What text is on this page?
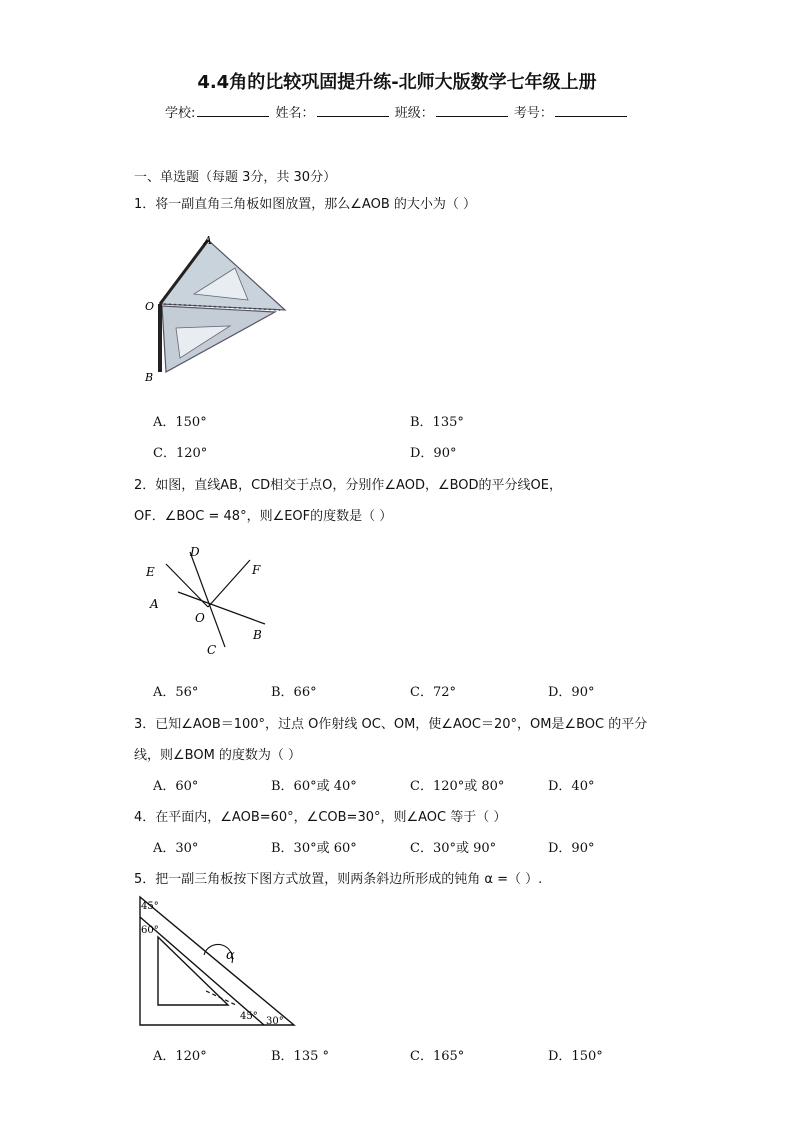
4.4角的比较巩固提升练-北师大版数学七年级上册
学校:	姓名：	班级：	考号：
一、单选题（每题 3分，共 30分）
1．将一副直角三角板如图放置，那么∠AOB 的大小为（ ）
A
O
B
A．150°	B．135°
C．120°	D．90°
2．如图，直线AB，CD相交于点O，分别作∠AOD，∠BOD的平分线OE，
OF．∠BOC = 48°，则∠EOF的度数是（ ）
D
E	F
A
O
B
C
A．56°	B．66°	C．72°	D．90°
3．已知∠AOB＝100°，过点 O作射线 OC、OM，使∠AOC＝20°，OM是∠BOC 的平分
线，则∠BOM 的度数为（ ）
A．60°	B．60°或 40°	C．120°或 80°	D．40°
4．在平面内，∠AOB=60°，∠COB=30°，则∠AOC 等于（ ）
A．30°	B．30°或 60°	C．30°或 90°	D．90°
5．把一副三角板按下图方式放置，则两条斜边所形成的钝角 α =（ ）.
α
45°
60°
45° 30°
A．120°	B．135 °	C．165°	D．150°
